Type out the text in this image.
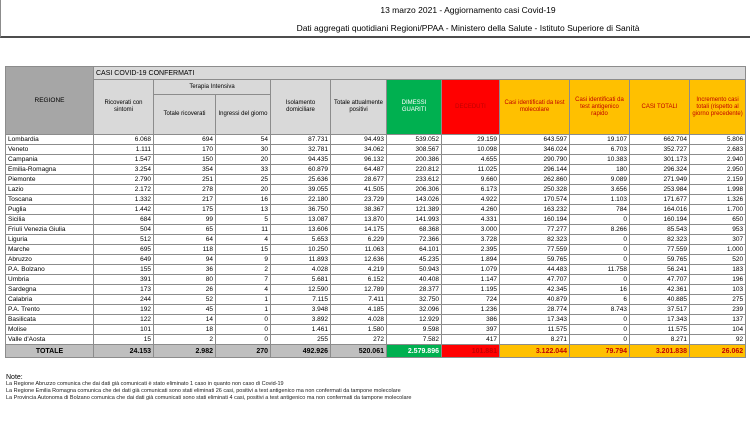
13 marzo 2021 - Aggiornamento casi Covid-19
Dati aggregati quotidiani Regioni/PPAA - Ministero della Salute - Istituto Superiore di Sanità
REGIONE	CASI COVID-19 CONFERMATI										
	Ricoverati con sintomi	Terapia Intensiva		Isolamento domiciliare	Totale attualmente positivi	DIMESSI GUARITI	DECEDUTI	Casi identificati da test molecolare	Casi identificati da test antigenico rapido	CASI TOTALI	Incremento casi totali (rispetto al giorno precedente)
		Totale ricoverati	Ingressi del giorno								
Lombardia	6.068	694	54	87.731	94.493	539.052	29.159	643.597	19.107	662.704	5.806
Veneto	1.111	170	30	32.781	34.062	308.567	10.098	346.024	6.703	352.727	2.683
Campania	1.547	150	20	94.435	96.132	200.386	4.655	290.790	10.383	301.173	2.940
Emilia-Romagna	3.254	354	33	60.879	64.487	220.812	11.025	296.144	180	296.324	2.950
Piemonte	2.790	251	25	25.636	28.677	233.612	9.660	262.860	9.089	271.949	2.159
Lazio	2.172	278	20	39.055	41.505	206.306	6.173	250.328	3.656	253.984	1.998
Toscana	1.332	217	16	22.180	23.729	143.026	4.922	170.574	1.103	171.677	1.326
Puglia	1.442	175	13	36.750	38.367	121.389	4.260	163.232	784	164.016	1.700
Sicilia	684	99	5	13.087	13.870	141.993	4.331	160.194	0	160.194	650
Friuli Venezia Giulia	504	65	11	13.606	14.175	68.368	3.000	77.277	8.266	85.543	953
Liguria	512	64	4	5.653	6.229	72.366	3.728	82.323	0	82.323	307
Marche	695	118	15	10.250	11.063	64.101	2.395	77.559	0	77.559	1.000
Abruzzo	649	94	9	11.893	12.636	45.235	1.894	59.765	0	59.765	520
P.A. Bolzano	155	36	2	4.028	4.219	50.943	1.079	44.483	11.758	56.241	183
Umbria	391	80	7	5.681	6.152	40.408	1.147	47.707	0	47.707	196
Sardegna	173	26	4	12.590	12.789	28.377	1.195	42.345	16	42.361	103
Calabria	244	52	1	7.115	7.411	32.750	724	40.879	6	40.885	275
P.A. Trento	192	45	1	3.948	4.185	32.096	1.236	28.774	8.743	37.517	239
Basilicata	122	14	0	3.892	4.028	12.929	386	17.343	0	17.343	137
Molise	101	18	0	1.461	1.580	9.598	397	11.575	0	11.575	104
Valle d'Aosta	15	2	0	255	272	7.582	417	8.271	0	8.271	92
TOTALE	24.153	2.982	270	492.926	520.061	2.579.896	101.881	3.122.044	79.794	3.201.838	26.062
Note:
La Regione Abruzzo comunica che dai dati già comunicati è stato eliminato 1 caso in quanto non caso di Covid-19
La Regione Emilia Romagna comunica che dei dati già comunicati sono stati eliminati 26 casi, positivi a test antigenico ma non confermati da tampone molecolare
La Provincia Autonoma di Bolzano comunica che dai dati già comunicati sono stati eliminati 4 casi, positivi a test antigenico ma non confermati da tampone molecolare
